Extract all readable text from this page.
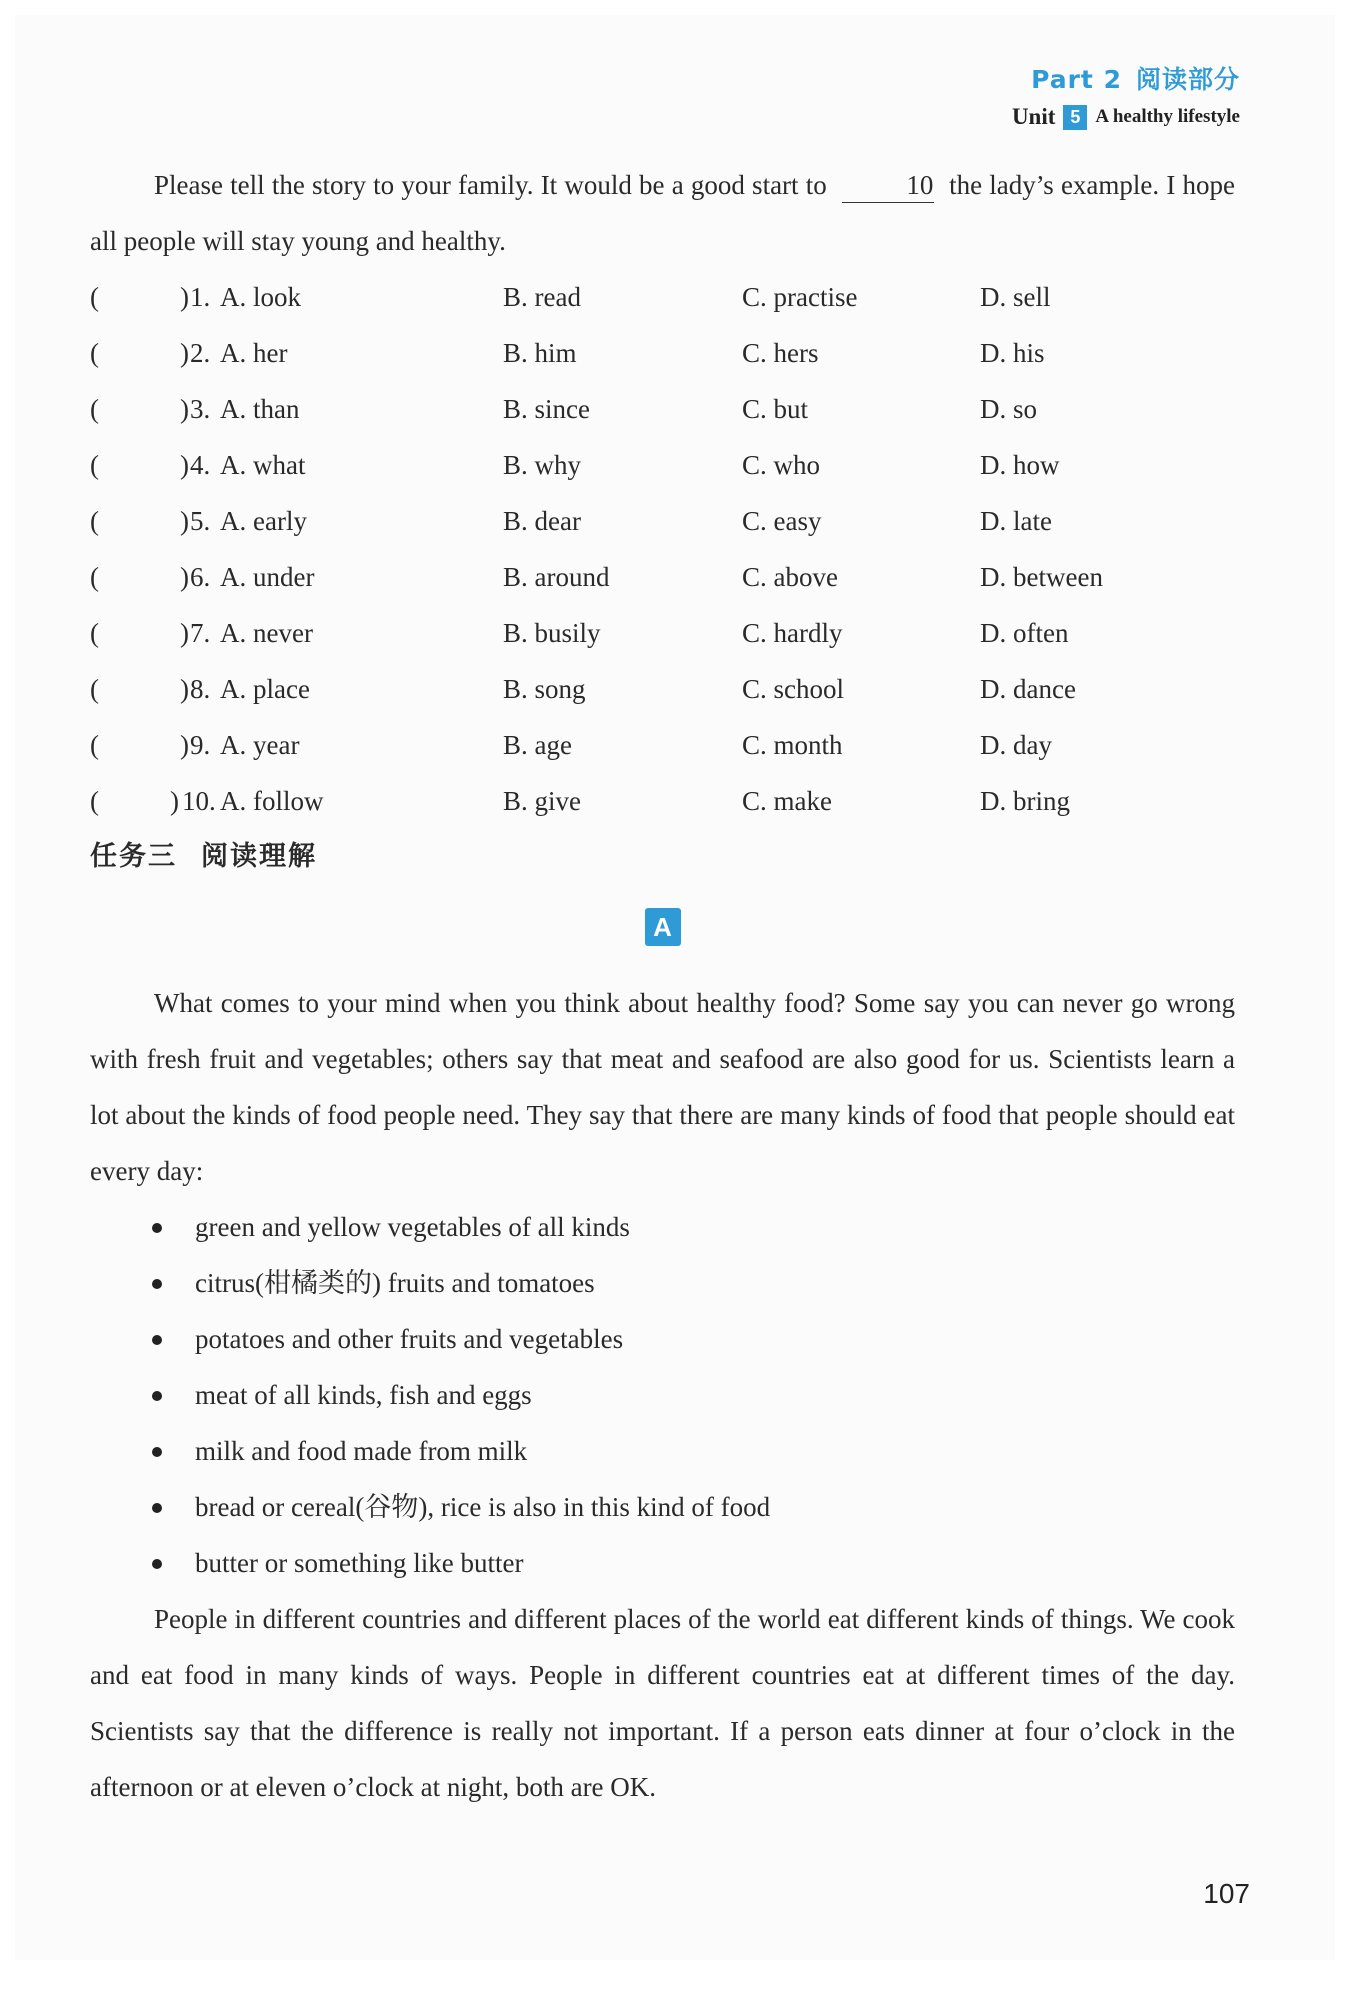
Part 2 阅读部分
Unit 5 A healthy lifestyle

Please tell the story to your family. It would be a good start to	10 the lady’s example. I hope all people will stay young and healthy.

(	) 1. A. look	B. read	C. practise	D. sell
(	) 2. A. her	B. him	C. hers	D. his
(	) 3. A. than	B. since	C. but	D. so
(	) 4. A. what	B. why	C. who	D. how
(	) 5. A. early	B. dear	C. easy	D. late
(	) 6. A. under	B. around	C. above	D. between
(	) 7. A. never	B. busily	C. hardly	D. often
(	) 8. A. place	B. song	C. school	D. dance
(	) 9. A. year	B. age	C. month	D. day
(	) 10. A. follow	B. give	C. make	D. bring
任务三 阅读理解
A

What comes to your mind when you think about healthy food? Some say you can never go wrong with fresh fruit and vegetables; others say that meat and seafood are also good for us. Scientists learn a lot about the kinds of food people need. They say that there are many kinds of food that people should eat every day:

green and yellow vegetables of all kinds
citrus(柑橘类的) fruits and tomatoes
potatoes and other fruits and vegetables
meat of all kinds, fish and eggs
milk and food made from milk
bread or cereal(谷物), rice is also in this kind of food
butter or something like butter

People in different countries and different places of the world eat different kinds of things. We cook and eat food in many kinds of ways. People in different countries eat at different times of the day. Scientists say that the difference is really not important. If a person eats dinner at four o’clock in the afternoon or at eleven o’clock at night, both are OK.

107
